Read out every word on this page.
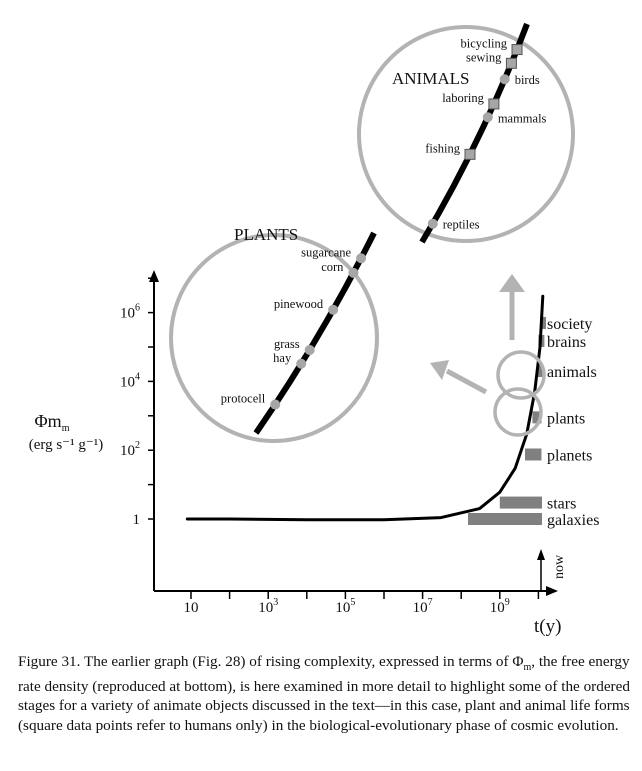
10	$10^3$	$10^5$	$10^7$	$10^9$
1
$10^2$
$10^4$
$10^6$
galaxies
stars
planets
plants
animals
brains
society
now
t(y)
$\Phi m_m$
(erg s⁻¹ g⁻¹)
PLANTS
ANIMALS
protocell
hay
grass
pinewood
corn
sugarcane
reptiles
fishing
mammals
laboring
birds
sewing
bicycling

Figure 31. The earlier graph (Fig. 28) of rising complexity, expressed in terms of $\Phi_m$, the free energy rate density (reproduced at bottom), is here examined in more detail to highlight some of the ordered stages for a variety of animate objects discussed in the text—in this case, plant and animal life forms (square data points refer to humans only) in the biological-evolutionary phase of cosmic evolution.
